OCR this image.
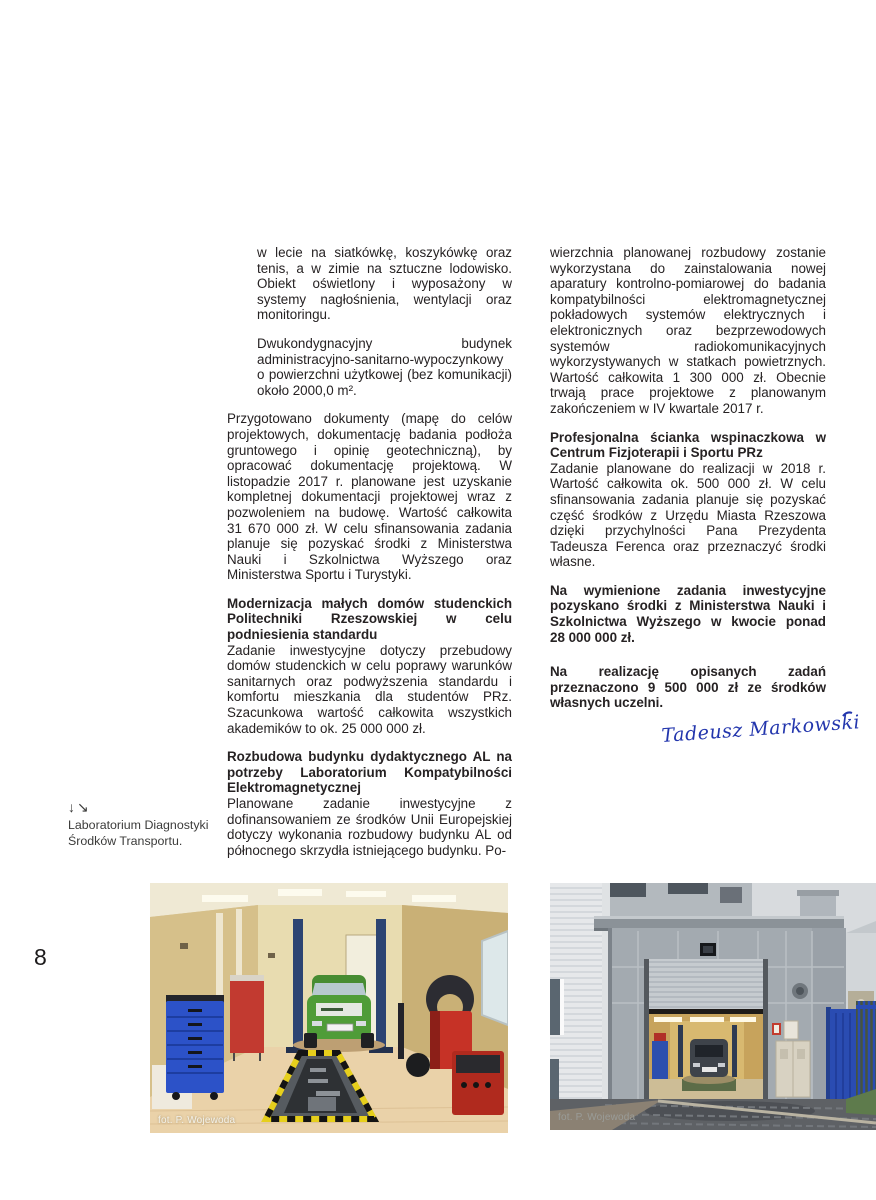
8

w lecie na siatkówkę, koszykówkę oraz tenis, a w zimie na sztuczne lodowisko. Obiekt oświetlony i wyposażony w systemy nagłośnienia, wentylacji oraz monitoringu.

Dwukondygnacyjny budynek administracyjno-sanitarno-wypoczynkowy o powierzchni użytkowej (bez komunikacji) około 2000,0 m².

Przygotowano dokumenty (mapę do celów projektowych, dokumentację badania podłoża gruntowego i opinię geotechniczną), by opracować dokumentację projektową. W listopadzie 2017 r. planowane jest uzyskanie kompletnej dokumentacji projektowej wraz z pozwoleniem na budowę. Wartość całkowita 31 670 000 zł. W celu sfinansowania zadania planuje się pozyskać środki z Ministerstwa Nauki i Szkolnictwa Wyższego oraz Ministerstwa Sportu i Turystyki.

Modernizacja małych domów studenckich Politechniki Rzeszowskiej w celu podniesienia standardu

Zadanie inwestycyjne dotyczy przebudowy domów studenckich w celu poprawy warunków sanitarnych oraz podwyższenia standardu i komfortu mieszkania dla studentów PRz. Szacunkowa wartość całkowita wszystkich akademików to ok. 25 000 000 zł.

Rozbudowa budynku dydaktycznego AL na potrzeby Laboratorium Kompatybilności Elektromagnetycznej

Planowane zadanie inwestycyjne z dofinansowaniem ze środków Unii Europejskiej dotyczy wykonania rozbudowy budynku AL od północnego skrzydła istniejącego budynku. Po-

wierzchnia planowanej rozbudowy zostanie wykorzystana do zainstalowania nowej aparatury kontrolno-pomiarowej do badania kompatybilności elektromagnetycznej pokładowych systemów elektrycznych i elektronicznych oraz bezprzewodowych systemów radiokomunikacyjnych wykorzystywanych w statkach powietrznych. Wartość całkowita 1 300 000 zł. Obecnie trwają prace projektowe z planowanym zakończeniem w IV kwartale 2017 r.

Profesjonalna ścianka wspinaczkowa w Centrum Fizjoterapii i Sportu PRz

Zadanie planowane do realizacji w 2018 r. Wartość całkowita ok. 500 000 zł. W celu sfinansowania zadania planuje się pozyskać część środków z Urzędu Miasta Rzeszowa dzięki przychylności Pana Prezydenta Tadeusza Ferenca oraz przeznaczyć środki własne.

Na wymienione zadania inwestycyjne pozyskano środki z Ministerstwa Nauki i Szkolnictwa Wyższego w kwocie ponad 28 000 000 zł.

Na realizację opisanych zadań przeznaczono 9 500 000 zł ze środków własnych uczelni.

Tadeusz Markowski
↓↘
Laboratorium Diagnostyki
Środków Transportu.
fot. P. Wojewoda	fot. P. Wojewoda
